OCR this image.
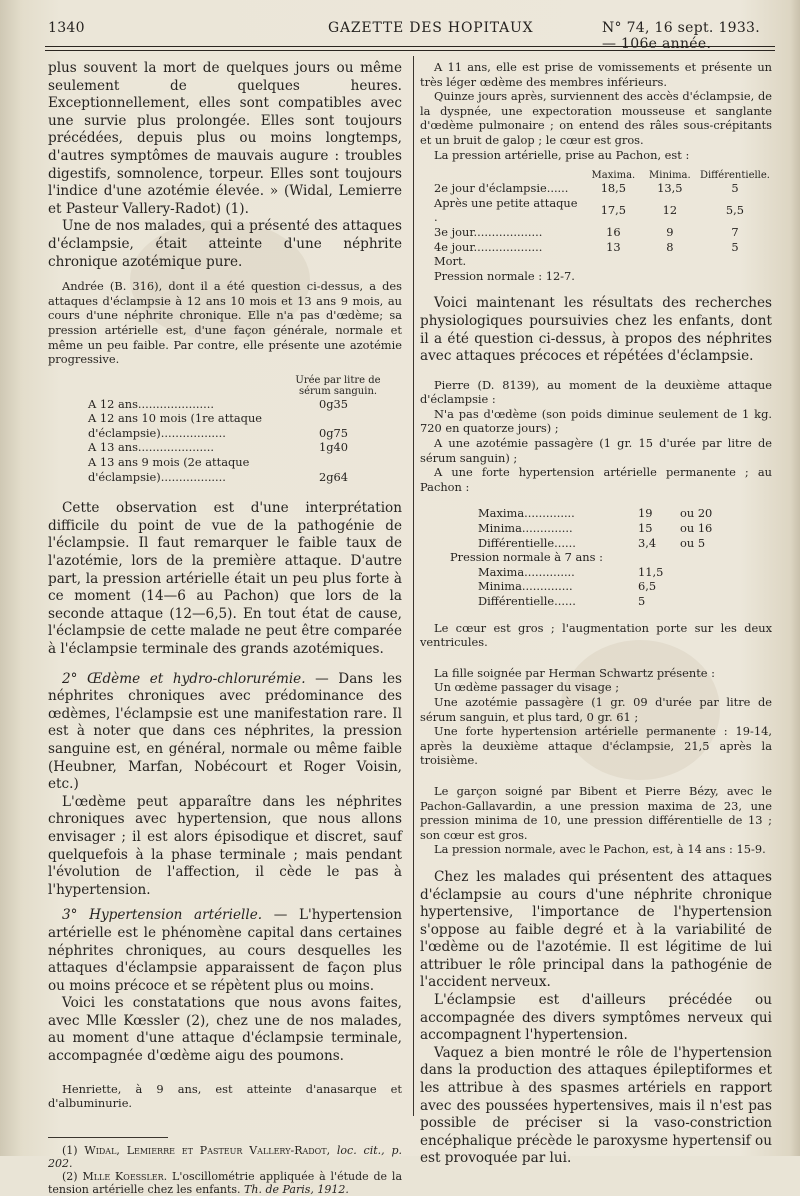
1340	GAZETTE DES HOPITAUX	N° 74, 16 sept. 1933. — 106e année.

plus souvent la mort de quelques jours ou même seulement de quelques heures. Exceptionnellement, elles sont compatibles avec une survie plus prolongée. Elles sont toujours précédées, depuis plus ou moins longtemps, d'autres symptômes de mauvais augure : troubles digestifs, somnolence, torpeur. Elles sont toujours l'indice d'une azotémie élevée. » (Widal, Lemierre et Pasteur Vallery-Radot) (1).

Une de nos malades, qui a présenté des attaques d'éclampsie, était atteinte d'une néphrite chronique azotémique pure.

Andrée (B. 316), dont il a été question ci-dessus, a des attaques d'éclampsie à 12 ans 10 mois et 13 ans 9 mois, au cours d'une néphrite chronique. Elle n'a pas d'œdème; sa pression artérielle est, d'une façon générale, normale et même un peu faible. Par contre, elle présente une azotémie progressive.

	Urée par litre de sérum sanguin.
A 12 ans.....................	0g35
A 12 ans 10 mois (1re attaque d'éclampsie)..................	0g75
A 13 ans.....................	1g40
A 13 ans 9 mois (2e attaque d'éclampsie)..................	2g64

Cette observation est d'une interprétation difficile du point de vue de la pathogénie de l'éclampsie. Il faut remarquer le faible taux de l'azotémie, lors de la première attaque. D'autre part, la pression artérielle était un peu plus forte à ce moment (14—6 au Pachon) que lors de la seconde attaque (12—6,5). En tout état de cause, l'éclampsie de cette malade ne peut être comparée à l'éclampsie terminale des grands azotémiques.

2° Œdème et hydro-chlorurémie. — Dans les néphrites chroniques avec prédominance des œdèmes, l'éclampsie est une manifestation rare. Il est à noter que dans ces néphrites, la pression sanguine est, en général, normale ou même faible (Heubner, Marfan, Nobécourt et Roger Voisin, etc.)

L'œdème peut apparaître dans les néphrites chroniques avec hypertension, que nous allons envisager ; il est alors épisodique et discret, sauf quelquefois à la phase terminale ; mais pendant l'évolution de l'affection, il cède le pas à l'hypertension.

3° Hypertension artérielle. — L'hypertension artérielle est le phénomène capital dans certaines néphrites chroniques, au cours desquelles les attaques d'éclampsie apparaissent de façon plus ou moins précoce et se répètent plus ou moins.

Voici les constatations que nous avons faites, avec Mlle Kœssler (2), chez une de nos malades, au moment d'une attaque d'éclampsie terminale, accompagnée d'œdème aigu des poumons.

Henriette, à 9 ans, est atteinte d'anasarque et d'albuminurie.

(1) Widal, Lemierre et Pasteur Vallery-Radot, loc. cit., p. 202.

(2) Mlle Koessler. L'oscillométrie appliquée à l'étude de la tension artérielle chez les enfants. Th. de Paris, 1912.

A 11 ans, elle est prise de vomissements et présente un très léger œdème des membres inférieurs.

Quinze jours après, surviennent des accès d'éclampsie, de la dyspnée, une expectoration mousseuse et sanglante d'œdème pulmonaire ; on entend des râles sous-crépitants et un bruit de galop ; le cœur est gros.

La pression artérielle, prise au Pachon, est :

	Maxima.	Minima.	Différentielle.
2e jour d'éclampsie......	18,5	13,5	5
Après une petite attaque .	17,5	12	5,5
3e jour...................	16	9	7
4e jour...................	13	8	5

Mort.

Pression normale : 12-7.

Voici maintenant les résultats des recherches physiologiques poursuivies chez les enfants, dont il a été question ci-dessus, à propos des néphrites avec attaques précoces et répétées d'éclampsie.

Pierre (D. 8139), au moment de la deuxième attaque d'éclampsie :

N'a pas d'œdème (son poids diminue seulement de 1 kg. 720 en quatorze jours) ;

A une azotémie passagère (1 gr. 15 d'urée par litre de sérum sanguin) ;

A une forte hypertension artérielle permanente ; au Pachon :

Maxima..............	19	ou 20
Minima..............	15	ou 16
Différentielle......	3,4	ou 5

Pression normale à 7 ans :

Maxima..............	11,5
Minima..............	6,5
Différentielle......	5

Le cœur est gros ; l'augmentation porte sur les deux ventricules.

La fille soignée par Herman Schwartz présente :

Un œdème passager du visage ;

Une azotémie passagère (1 gr. 09 d'urée par litre de sérum sanguin, et plus tard, 0 gr. 61 ;

Une forte hypertension artérielle permanente : 19-14, après la deuxième attaque d'éclampsie, 21,5 après la troisième.

Le garçon soigné par Bibent et Pierre Bézy, avec le Pachon-Gallavardin, a une pression maxima de 23, une pression minima de 10, une pression différentielle de 13 ; son cœur est gros.

La pression normale, avec le Pachon, est, à 14 ans : 15-9.

Chez les malades qui présentent des attaques d'éclampsie au cours d'une néphrite chronique hypertensive, l'importance de l'hypertension s'oppose au faible degré et à la variabilité de l'œdème ou de l'azotémie. Il est légitime de lui attribuer le rôle principal dans la pathogénie de l'accident nerveux.

L'éclampsie est d'ailleurs précédée ou accompagnée des divers symptômes nerveux qui accompagnent l'hypertension.

Vaquez a bien montré le rôle de l'hypertension dans la production des attaques épileptiformes et les attribue à des spasmes artériels en rapport avec des poussées hypertensives, mais il n'est pas possible de préciser si la vaso-constriction encéphalique précède le paroxysme hypertensif ou est provoquée par lui.
